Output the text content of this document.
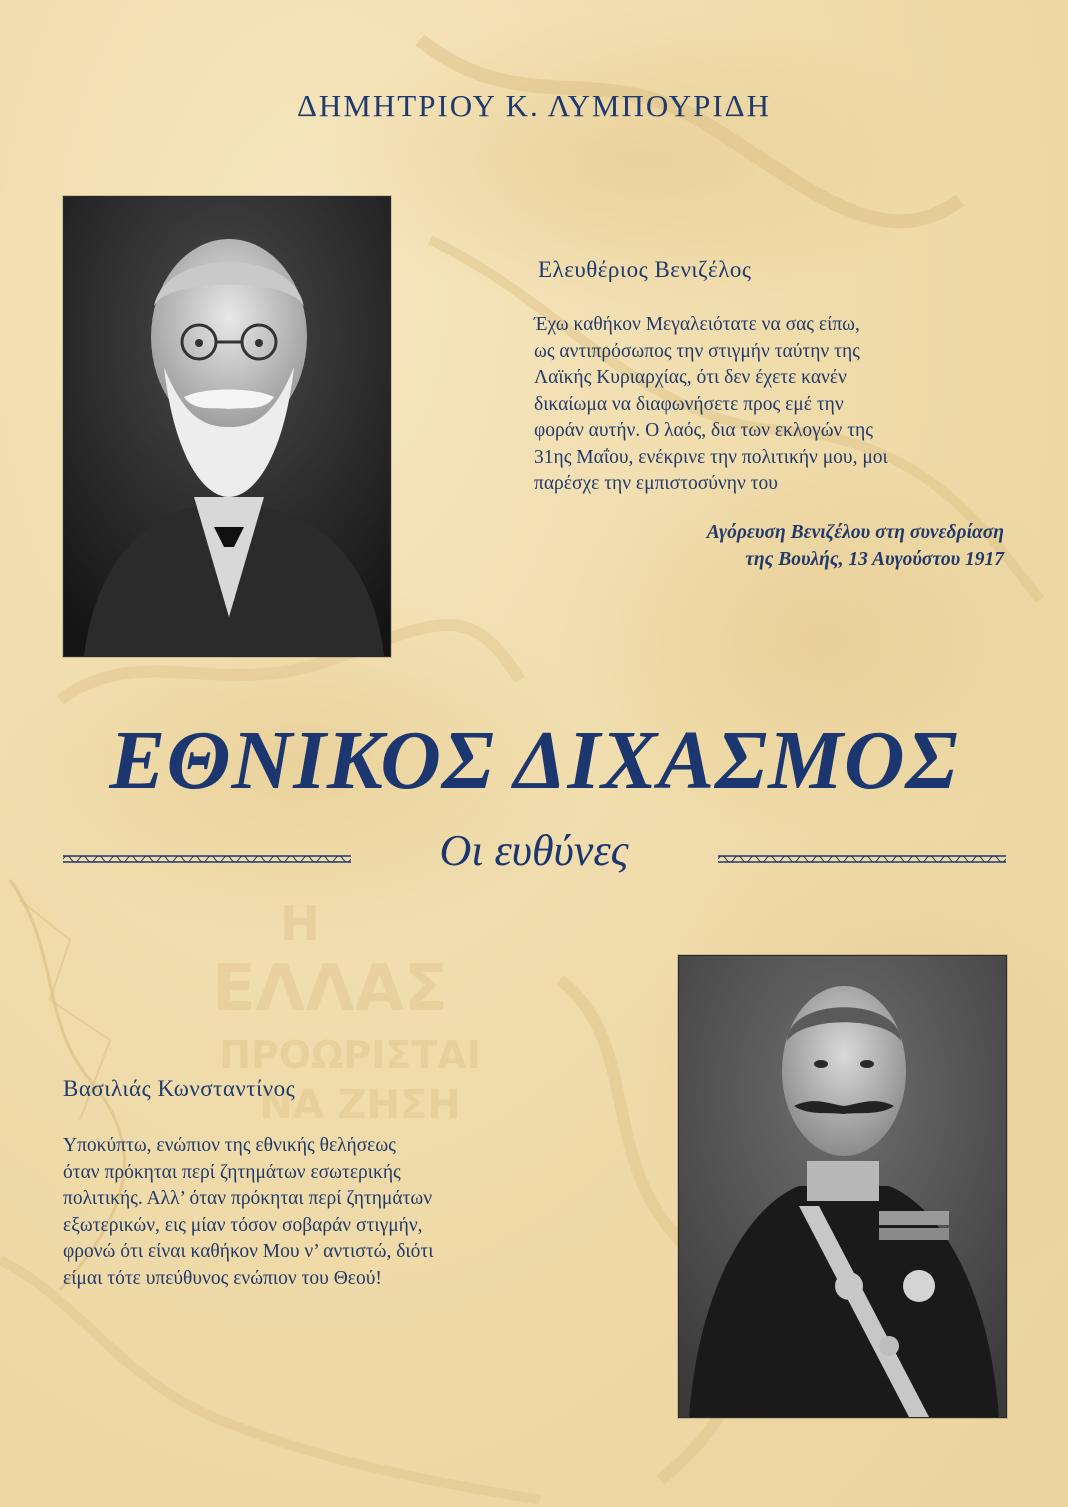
Η
ΕΛΛΑΣ
ΠΡΟΩΡΙΣΤΑΙ
ΝΑ ΖΗΣΗ
ΔΗΜΗΤΡΙΟΥ Κ. ΛΥΜΠΟΥΡΙΔΗ
Ελευθέριος Βενιζέλος
Έχω καθήκον Μεγαλειότατε να σας είπω,
ως αντιπρόσωπος την στιγμήν ταύτην της
Λαϊκής Κυριαρχίας, ότι δεν έχετε κανέν
δικαίωμα να διαφωνήσετε προς εμέ την
φοράν αυτήν. Ο λαός, δια των εκλογών της
31ης Μαΐου, ενέκρινε την πολιτικήν μου, μοι
παρέσχε την εμπιστοσύνην του
Αγόρευση Βενιζέλου στη συνεδρίαση
της Βουλής, 13 Αυγούστου 1917
ΕΘΝΙΚΟΣ ΔΙΧΑΣΜΟΣ
Οι ευθύνες
Βασιλιάς Κωνσταντίνος
Υποκύπτω, ενώπιον της εθνικής θελήσεως
όταν πρόκηται περί ζητημάτων εσωτερικής
πολιτικής. Αλλ’ όταν πρόκηται περί ζητημάτων
εξωτερικών, εις μίαν τόσον σοβαράν στιγμήν,
φρονώ ότι είναι καθήκον Μου ν’ αντιστώ, διότι
είμαι τότε υπεύθυνος ενώπιον του Θεού!
